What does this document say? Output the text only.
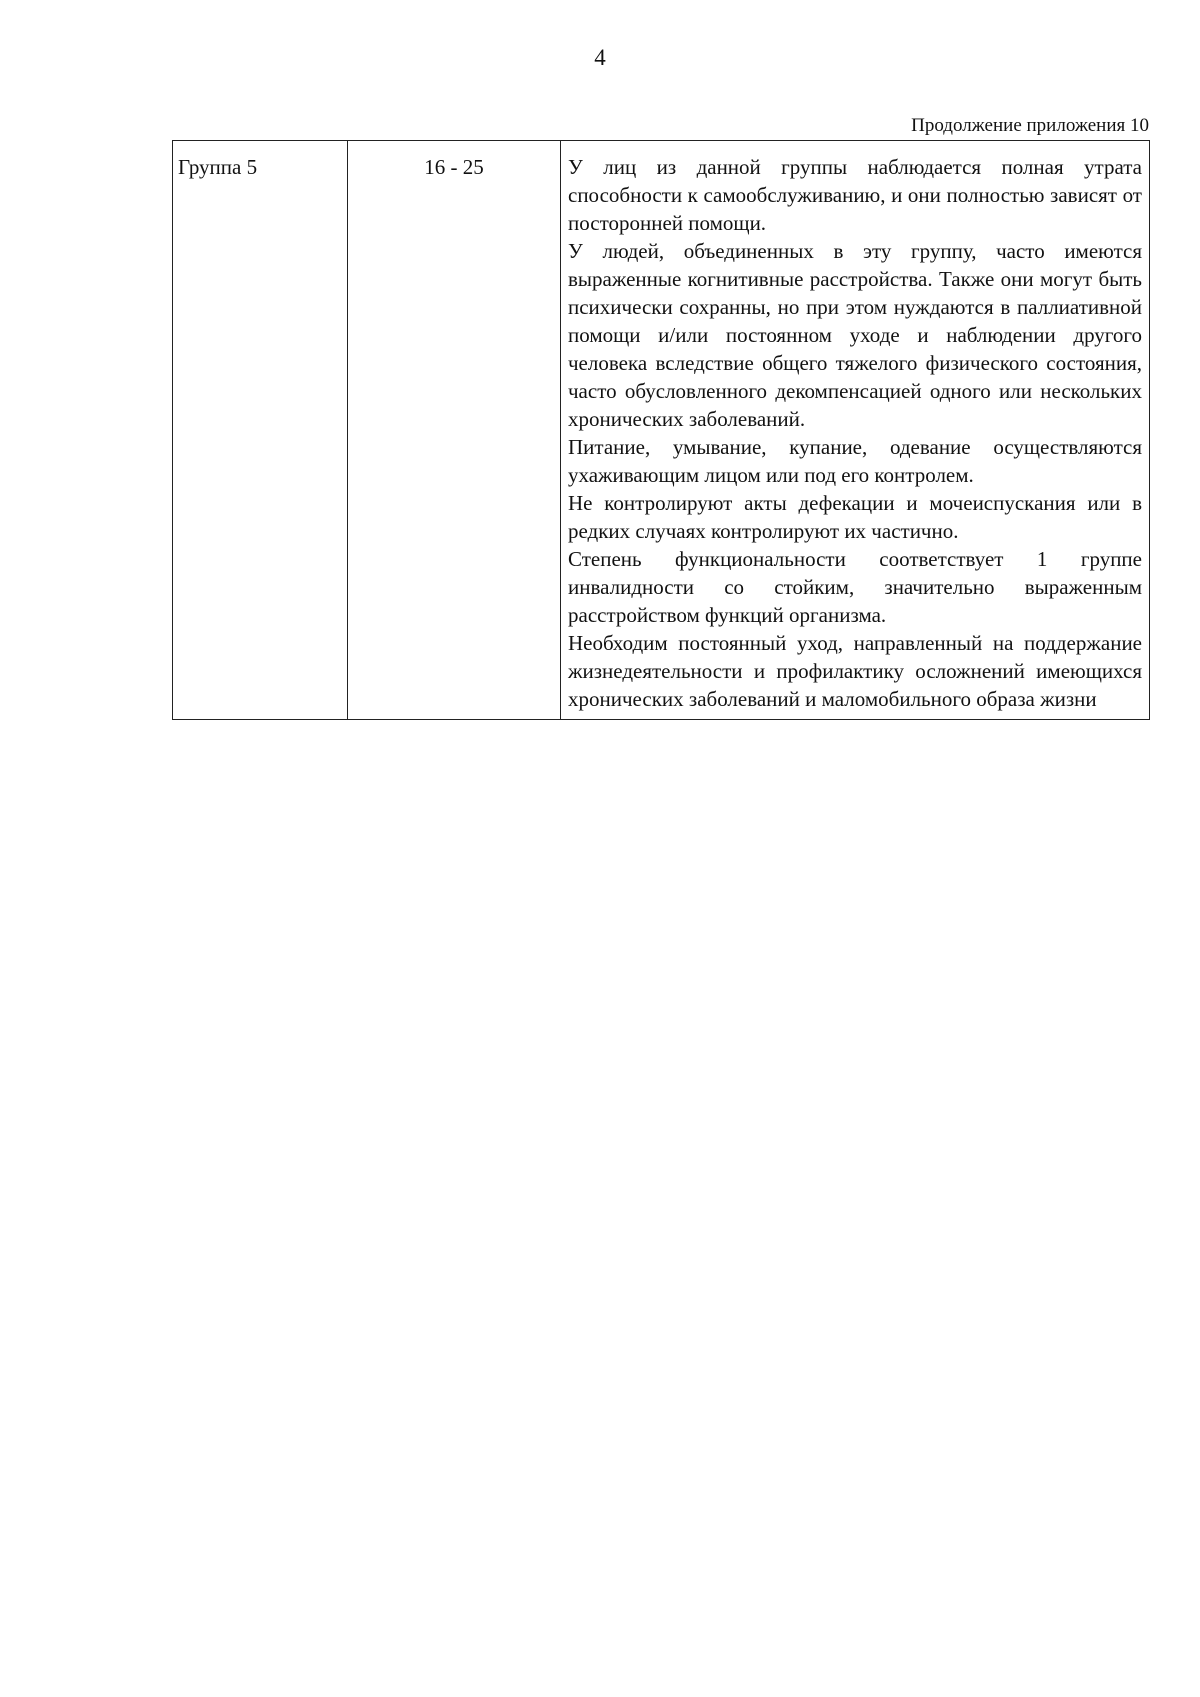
4
Продолжение приложения 10
Группа 5	16 - 25	У лиц из данной группы наблюдается полная утрата способности к самообслуживанию, и они полностью зависят от посторонней помощи.

У людей, объединенных в эту группу, часто имеются выраженные когнитивные расстройства. Также они могут быть психически сохранны, но при этом нуждаются в паллиативной помощи и/или постоянном уходе и наблюдении другого человека вследствие общего тяжелого физического состояния, часто обусловленного декомпенсацией одного или нескольких хронических заболеваний.

Питание, умывание, купание, одевание осуществляются ухаживающим лицом или под его контролем.

Не контролируют акты дефекации и мочеиспускания или в редких случаях контролируют их частично.

Степень функциональности соответствует 1 группе инвалидности со стойким, значительно выраженным расстройством функций организма.

Необходим постоянный уход, направленный на поддержание жизнедеятельности и профилактику осложнений имеющихся хронических заболеваний и маломобильного образа жизни
